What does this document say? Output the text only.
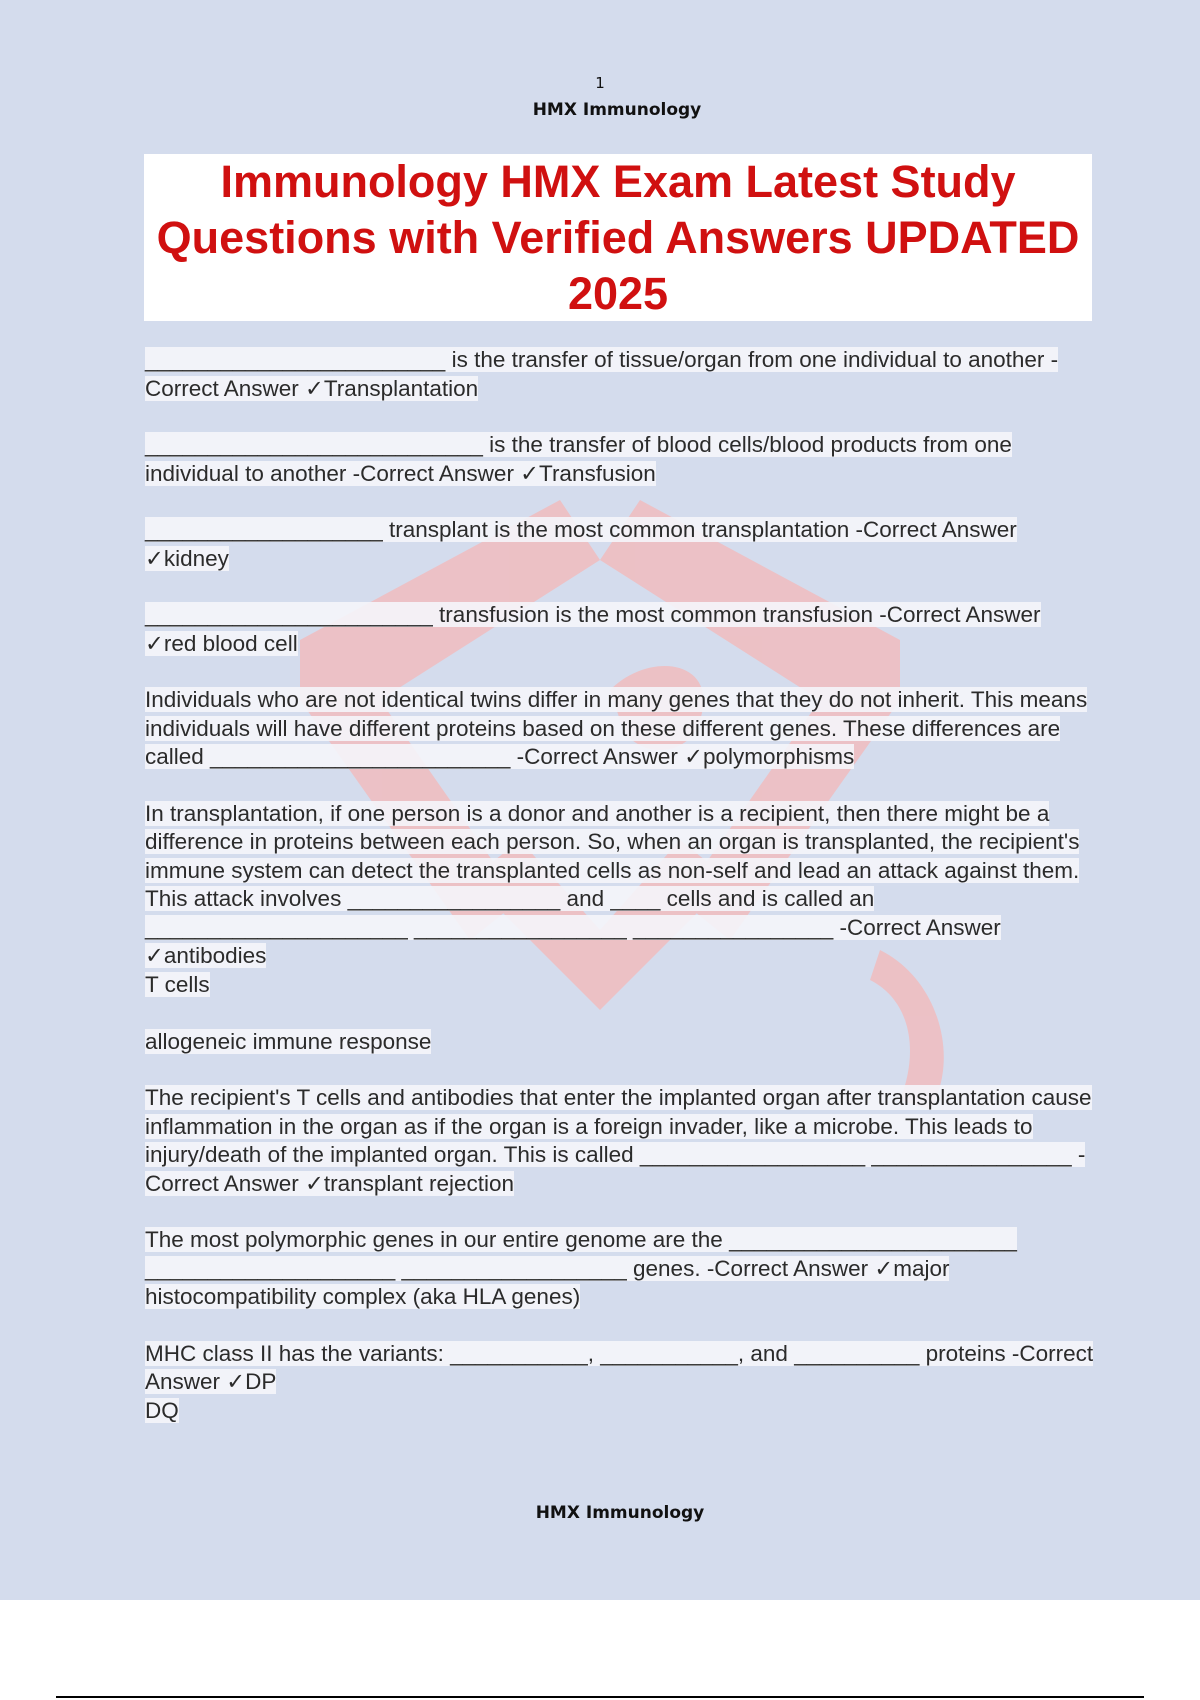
1
HMX Immunology
Immunology HMX Exam Latest Study Questions with Verified Answers UPDATED 2025

________________________ is the transfer of tissue/organ from one individual to another -Correct Answer ✓Transplantation

___________________________ is the transfer of blood cells/blood products from one individual to another -Correct Answer ✓Transfusion

___________________ transplant is the most common transplantation -Correct Answer ✓kidney

_______________________ transfusion is the most common transfusion -Correct Answer ✓red blood cell

Individuals who are not identical twins differ in many genes that they do not inherit. This means individuals will have different proteins based on these different genes. These differences are called ________________________ -Correct Answer ✓polymorphisms

In transplantation, if one person is a donor and another is a recipient, then there might be a difference in proteins between each person. So, when an organ is transplanted, the recipient's immune system can detect the transplanted cells as non-self and lead an attack against them. This attack involves _________________ and ____ cells and is called an _____________________ _________________ ________________ -Correct Answer ✓antibodies

T cells

allogeneic immune response

The recipient's T cells and antibodies that enter the implanted organ after transplantation cause inflammation in the organ as if the organ is a foreign invader, like a microbe. This leads to injury/death of the implanted organ. This is called __________________ ________________ -Correct Answer ✓transplant rejection

The most polymorphic genes in our entire genome are the _______________________ ____________________ __________________ genes. -Correct Answer ✓major histocompatibility complex (aka HLA genes)

MHC class II has the variants: ___________, ___________, and __________ proteins -Correct Answer ✓DP

DQ

HMX Immunology
